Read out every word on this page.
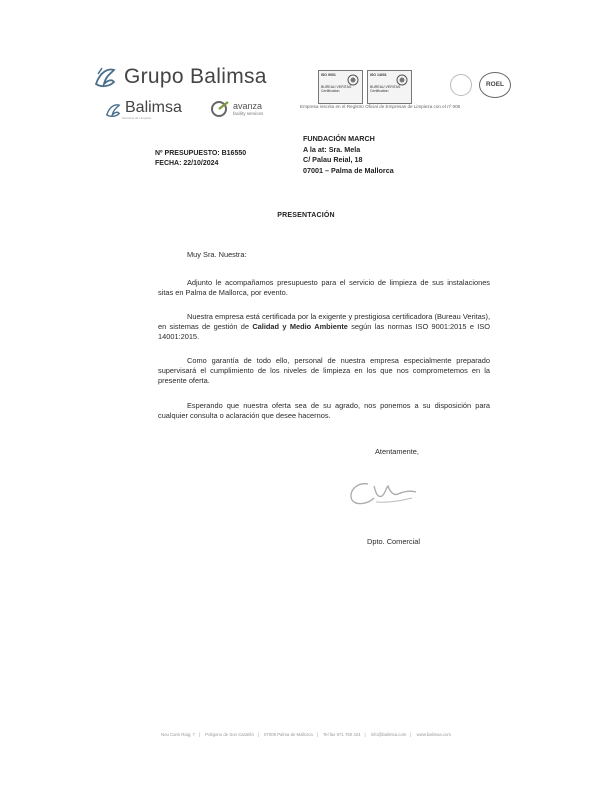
Grupo Balimsa
Balimsa
Servicios de Limpieza
avanza
facility services
ISO 9001
BUREAU VERITAS
Certification
ISO 14001
BUREAU VERITAS
Certification
ROEL
Empresa inscrita en el Registro Oficial de Empresas de Limpieza con el nº 006
Nº PRESUPUESTO: B16550
FECHA: 22/10/2024
FUNDACIÓN MARCH
A la at: Sra. Mela
C/ Palau Reial, 18
07001 – Palma de Mallorca
PRESENTACIÓN
Muy Sra. Nuestra:

Adjunto le acompañamos presupuesto para el servicio de limpieza de sus instalaciones sitas en Palma de Mallorca, por evento.

Nuestra empresa está certificada por la exigente y prestigiosa certificadora (Bureau Veritas), en sistemas de gestión de Calidad y Medio Ambiente según las normas ISO 9001:2015 e ISO 14001:2015.

Como garantía de todo ello, personal de nuestra empresa especialmente preparado supervisará el cumplimiento de los niveles de limpieza en los que nos comprometemos en la presente oferta.

Esperando que nuestra oferta sea de su agrado, nos ponemos a su disposición para cualquier consulta o aclaración que desee hacernos.

Atentamente,
Dpto. Comercial
Nou Cami Raig, 7 | Polígono de Son Castelló | 07009 Palma de Mallorca | Tel fax 971 750 424 | info@balimsa.com | www.balimsa.com
